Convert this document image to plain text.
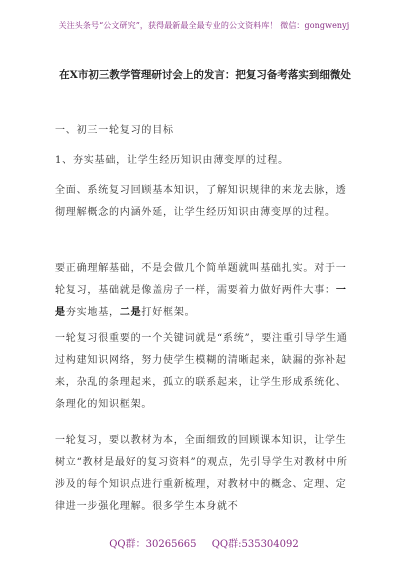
关注头条号“公文研究”，获得最新最全最专业的公文资料库！ 微信：gongwenyj
在X市初三教学管理研讨会上的发言：把复习备考落实到细微处

一、初三一轮复习的目标

1、夯实基础，让学生经历知识由薄变厚的过程。

全面、系统复习回顾基本知识，了解知识规律的来龙去脉，透彻理解概念的内涵外延，让学生经历知识由薄变厚的过程。

要正确理解基础，不是会做几个简单题就叫基础扎实。对于一轮复习，基础就是像盖房子一样，需要着力做好两件大事：一是夯实地基，二是打好框架。

一轮复习很重要的一个关键词就是“系统”，要注重引导学生通过构建知识网络，努力使学生模糊的清晰起来，缺漏的弥补起来，杂乱的条理起来，孤立的联系起来，让学生形成系统化、条理化的知识框架。

一轮复习，要以教材为本，全面细致的回顾课本知识，让学生树立“教材是最好的复习资料”的观点，先引导学生对教材中所涉及的每个知识点进行重新梳理，对教材中的概念、定理、定律进一步强化理解。很多学生本身就不

QQ群：30265665 QQ群:535304092
